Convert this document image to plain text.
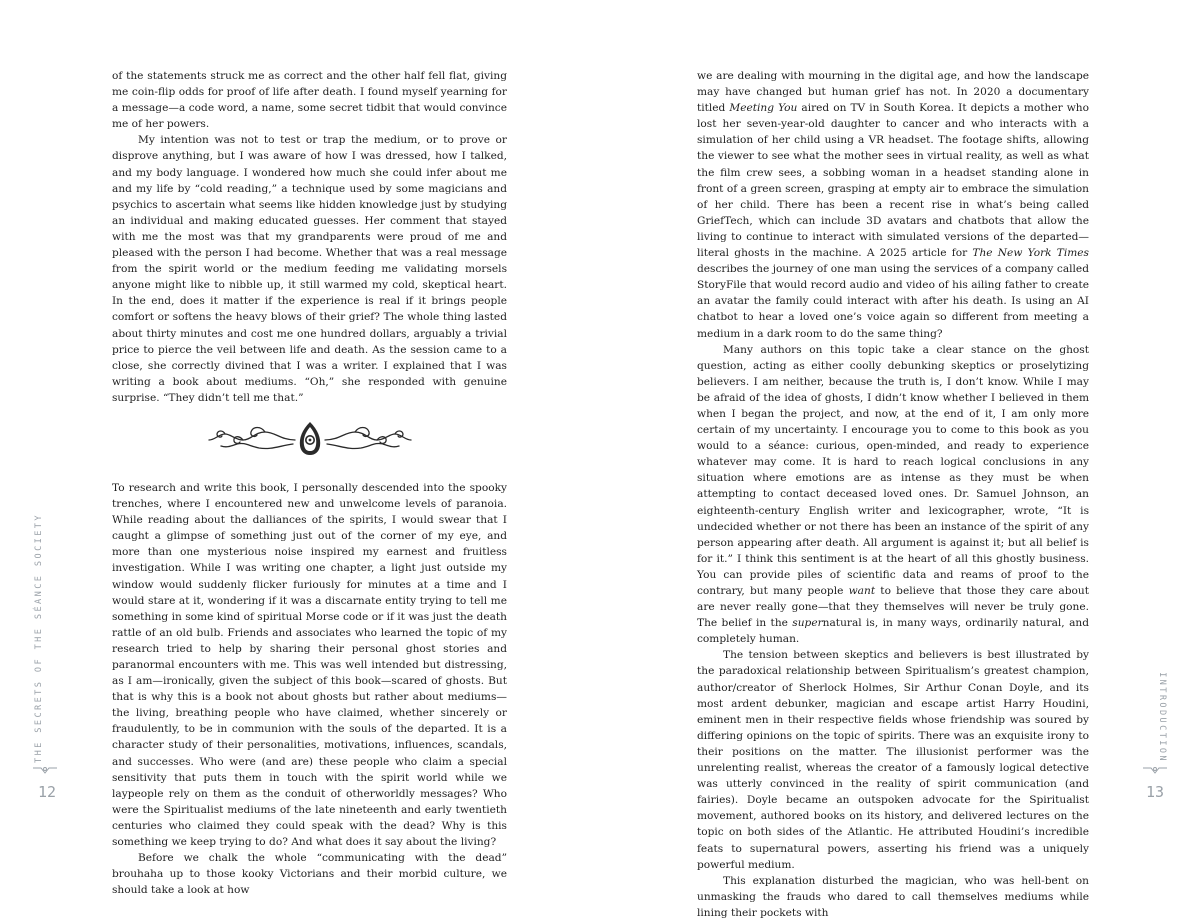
of the statements struck me as correct and the other half fell flat, giving me coin-flip odds for proof of life after death. I found myself yearning for a message—a code word, a name, some secret tidbit that would convince me of her powers.

My intention was not to test or trap the medium, or to prove or disprove anything, but I was aware of how I was dressed, how I talked, and my body language. I wondered how much she could infer about me and my life by “cold reading,” a technique used by some magicians and psychics to ascertain what seems like hidden knowledge just by studying an individual and making educated guesses. Her comment that stayed with me the most was that my grandparents were proud of me and pleased with the person I had become. Whether that was a real message from the spirit world or the medium feeding me validating morsels anyone might like to nibble up, it still warmed my cold, skeptical heart. In the end, does it matter if the experience is real if it brings people comfort or softens the heavy blows of their grief? The whole thing lasted about thirty minutes and cost me one hundred dollars, arguably a trivial price to pierce the veil between life and death. As the session came to a close, she correctly divined that I was a writer. I explained that I was writing a book about mediums. “Oh,” she responded with genuine surprise. “They didn’t tell me that.”

To research and write this book, I personally descended into the spooky trenches, where I encountered new and unwelcome levels of paranoia. While reading about the dalliances of the spirits, I would swear that I caught a glimpse of something just out of the corner of my eye, and more than one mysterious noise inspired my earnest and fruitless investigation. While I was writing one chapter, a light just outside my window would suddenly flicker furiously for minutes at a time and I would stare at it, wondering if it was a discarnate entity trying to tell me something in some kind of spiritual Morse code or if it was just the death rattle of an old bulb. Friends and associates who learned the topic of my research tried to help by sharing their personal ghost stories and paranormal encounters with me. This was well intended but distressing, as I am—ironically, given the subject of this book—scared of ghosts. But that is why this is a book not about ghosts but rather about mediums—the living, breathing people who have claimed, whether sincerely or fraudulently, to be in communion with the souls of the departed. It is a character study of their personalities, motivations, influences, scandals, and successes. Who were (and are) these people who claim a special sensitivity that puts them in touch with the spirit world while we laypeople rely on them as the conduit of otherworldly messages? Who were the Spiritualist mediums of the late nineteenth and early twentieth centuries who claimed they could speak with the dead? Why is this something we keep trying to do? And what does it say about the living?

Before we chalk the whole “communicating with the dead” brouhaha up to those kooky Victorians and their morbid culture, we should take a look at how

THE SECRETS OF THE SÉANCE SOCIETY
12

we are dealing with mourning in the digital age, and how the landscape may have changed but human grief has not. In 2020 a documentary titled Meeting You aired on TV in South Korea. It depicts a mother who lost her seven-year-old daughter to cancer and who interacts with a simulation of her child using a VR headset. The footage shifts, allowing the viewer to see what the mother sees in virtual reality, as well as what the film crew sees, a sobbing woman in a headset standing alone in front of a green screen, grasping at empty air to embrace the simulation of her child. There has been a recent rise in what’s being called GriefTech, which can include 3D avatars and chatbots that allow the living to continue to interact with simulated versions of the departed—literal ghosts in the machine. A 2025 article for The New York Times describes the journey of one man using the services of a company called StoryFile that would record audio and video of his ailing father to create an avatar the family could interact with after his death. Is using an AI chatbot to hear a loved one’s voice again so different from meeting a medium in a dark room to do the same thing?

Many authors on this topic take a clear stance on the ghost question, acting as either coolly debunking skeptics or proselytizing believers. I am neither, because the truth is, I don’t know. While I may be afraid of the idea of ghosts, I didn’t know whether I believed in them when I began the project, and now, at the end of it, I am only more certain of my uncertainty. I encourage you to come to this book as you would to a séance: curious, open-minded, and ready to experience whatever may come. It is hard to reach logical conclusions in any situation where emotions are as intense as they must be when attempting to contact deceased loved ones. Dr. Samuel Johnson, an eighteenth-century English writer and lexicographer, wrote, “It is undecided whether or not there has been an instance of the spirit of any person appearing after death. All argument is against it; but all belief is for it.” I think this sentiment is at the heart of all this ghostly business. You can provide piles of scientific data and reams of proof to the contrary, but many people want to believe that those they care about are never really gone—that they themselves will never be truly gone. The belief in the supernatural is, in many ways, ordinarily natural, and completely human.

The tension between skeptics and believers is best illustrated by the paradoxical relationship between Spiritualism’s greatest champion, author/creator of Sherlock Holmes, Sir Arthur Conan Doyle, and its most ardent debunker, magician and escape artist Harry Houdini, eminent men in their respective fields whose friendship was soured by differing opinions on the topic of spirits. There was an exquisite irony to their positions on the matter. The illusionist performer was the unrelenting realist, whereas the creator of a famously logical detective was utterly convinced in the reality of spirit communication (and fairies). Doyle became an outspoken advocate for the Spiritualist movement, authored books on its history, and delivered lectures on the topic on both sides of the Atlantic. He attributed Houdini’s incredible feats to supernatural powers, asserting his friend was a uniquely powerful medium.

This explanation disturbed the magician, who was hell-bent on unmasking the frauds who dared to call themselves mediums while lining their pockets with

INTRODUCTION
13
